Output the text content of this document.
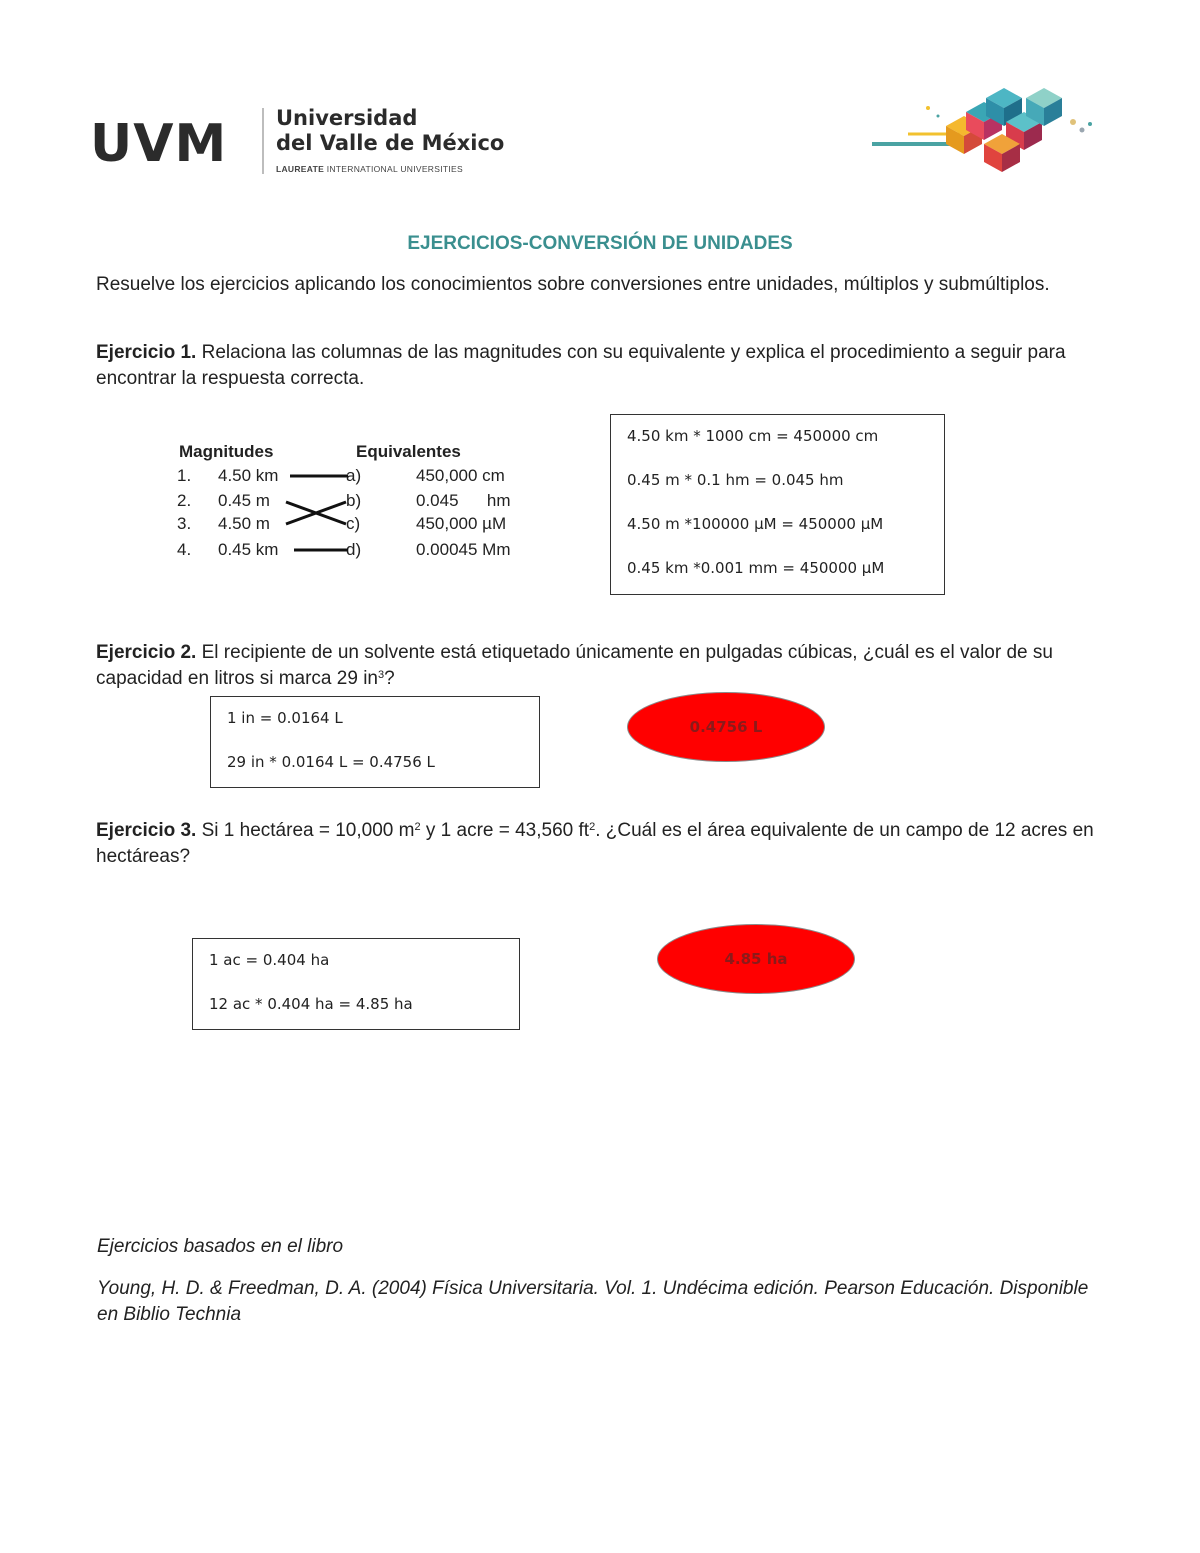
UVM Universidad
del Valle de México
LAUREATE INTERNATIONAL UNIVERSITIES
EJERCICIOS-CONVERSIÓN DE UNIDADES
Resuelve los ejercicios aplicando los conocimientos sobre conversiones entre unidades, múltiplos y submúltiplos.
Ejercicio 1. Relaciona las columnas de las magnitudes con su equivalente y explica el procedimiento a seguir para encontrar la respuesta correcta.
Magnitudes	Equivalentes
1. 4.50 km	a)	450,000 cm
2. 0.45 m	b)	0.045      hm
3. 4.50 m	c)	450,000 µM
4. 0.45 km	d)	0.00045 Mm
4.50 km * 1000 cm = 450000 cm
0.45 m * 0.1 hm = 0.045 hm
4.50 m *100000 µM = 450000 µM
0.45 km *0.001 mm = 450000 µM
Ejercicio 2. El recipiente de un solvente está etiquetado únicamente en pulgadas cúbicas, ¿cuál es el valor de su capacidad en litros si marca 29 $in^3$?
1 in = 0.0164 L
29 in * 0.0164 L = 0.4756 L
0.4756 L
Ejercicio 3. Si 1 hectárea = 10,000 $m^2$ y 1 acre = 43,560 $ft^2$. ¿Cuál es el área equivalente de un campo de 12 acres en hectáreas?
1 ac = 0.404 ha
12 ac * 0.404 ha = 4.85 ha
4.85 ha
Ejercicios basados en el libro
Young, H. D. & Freedman, D. A. (2004) Física Universitaria. Vol. 1. Undécima edición. Pearson Educación. Disponible en Biblio Technia
